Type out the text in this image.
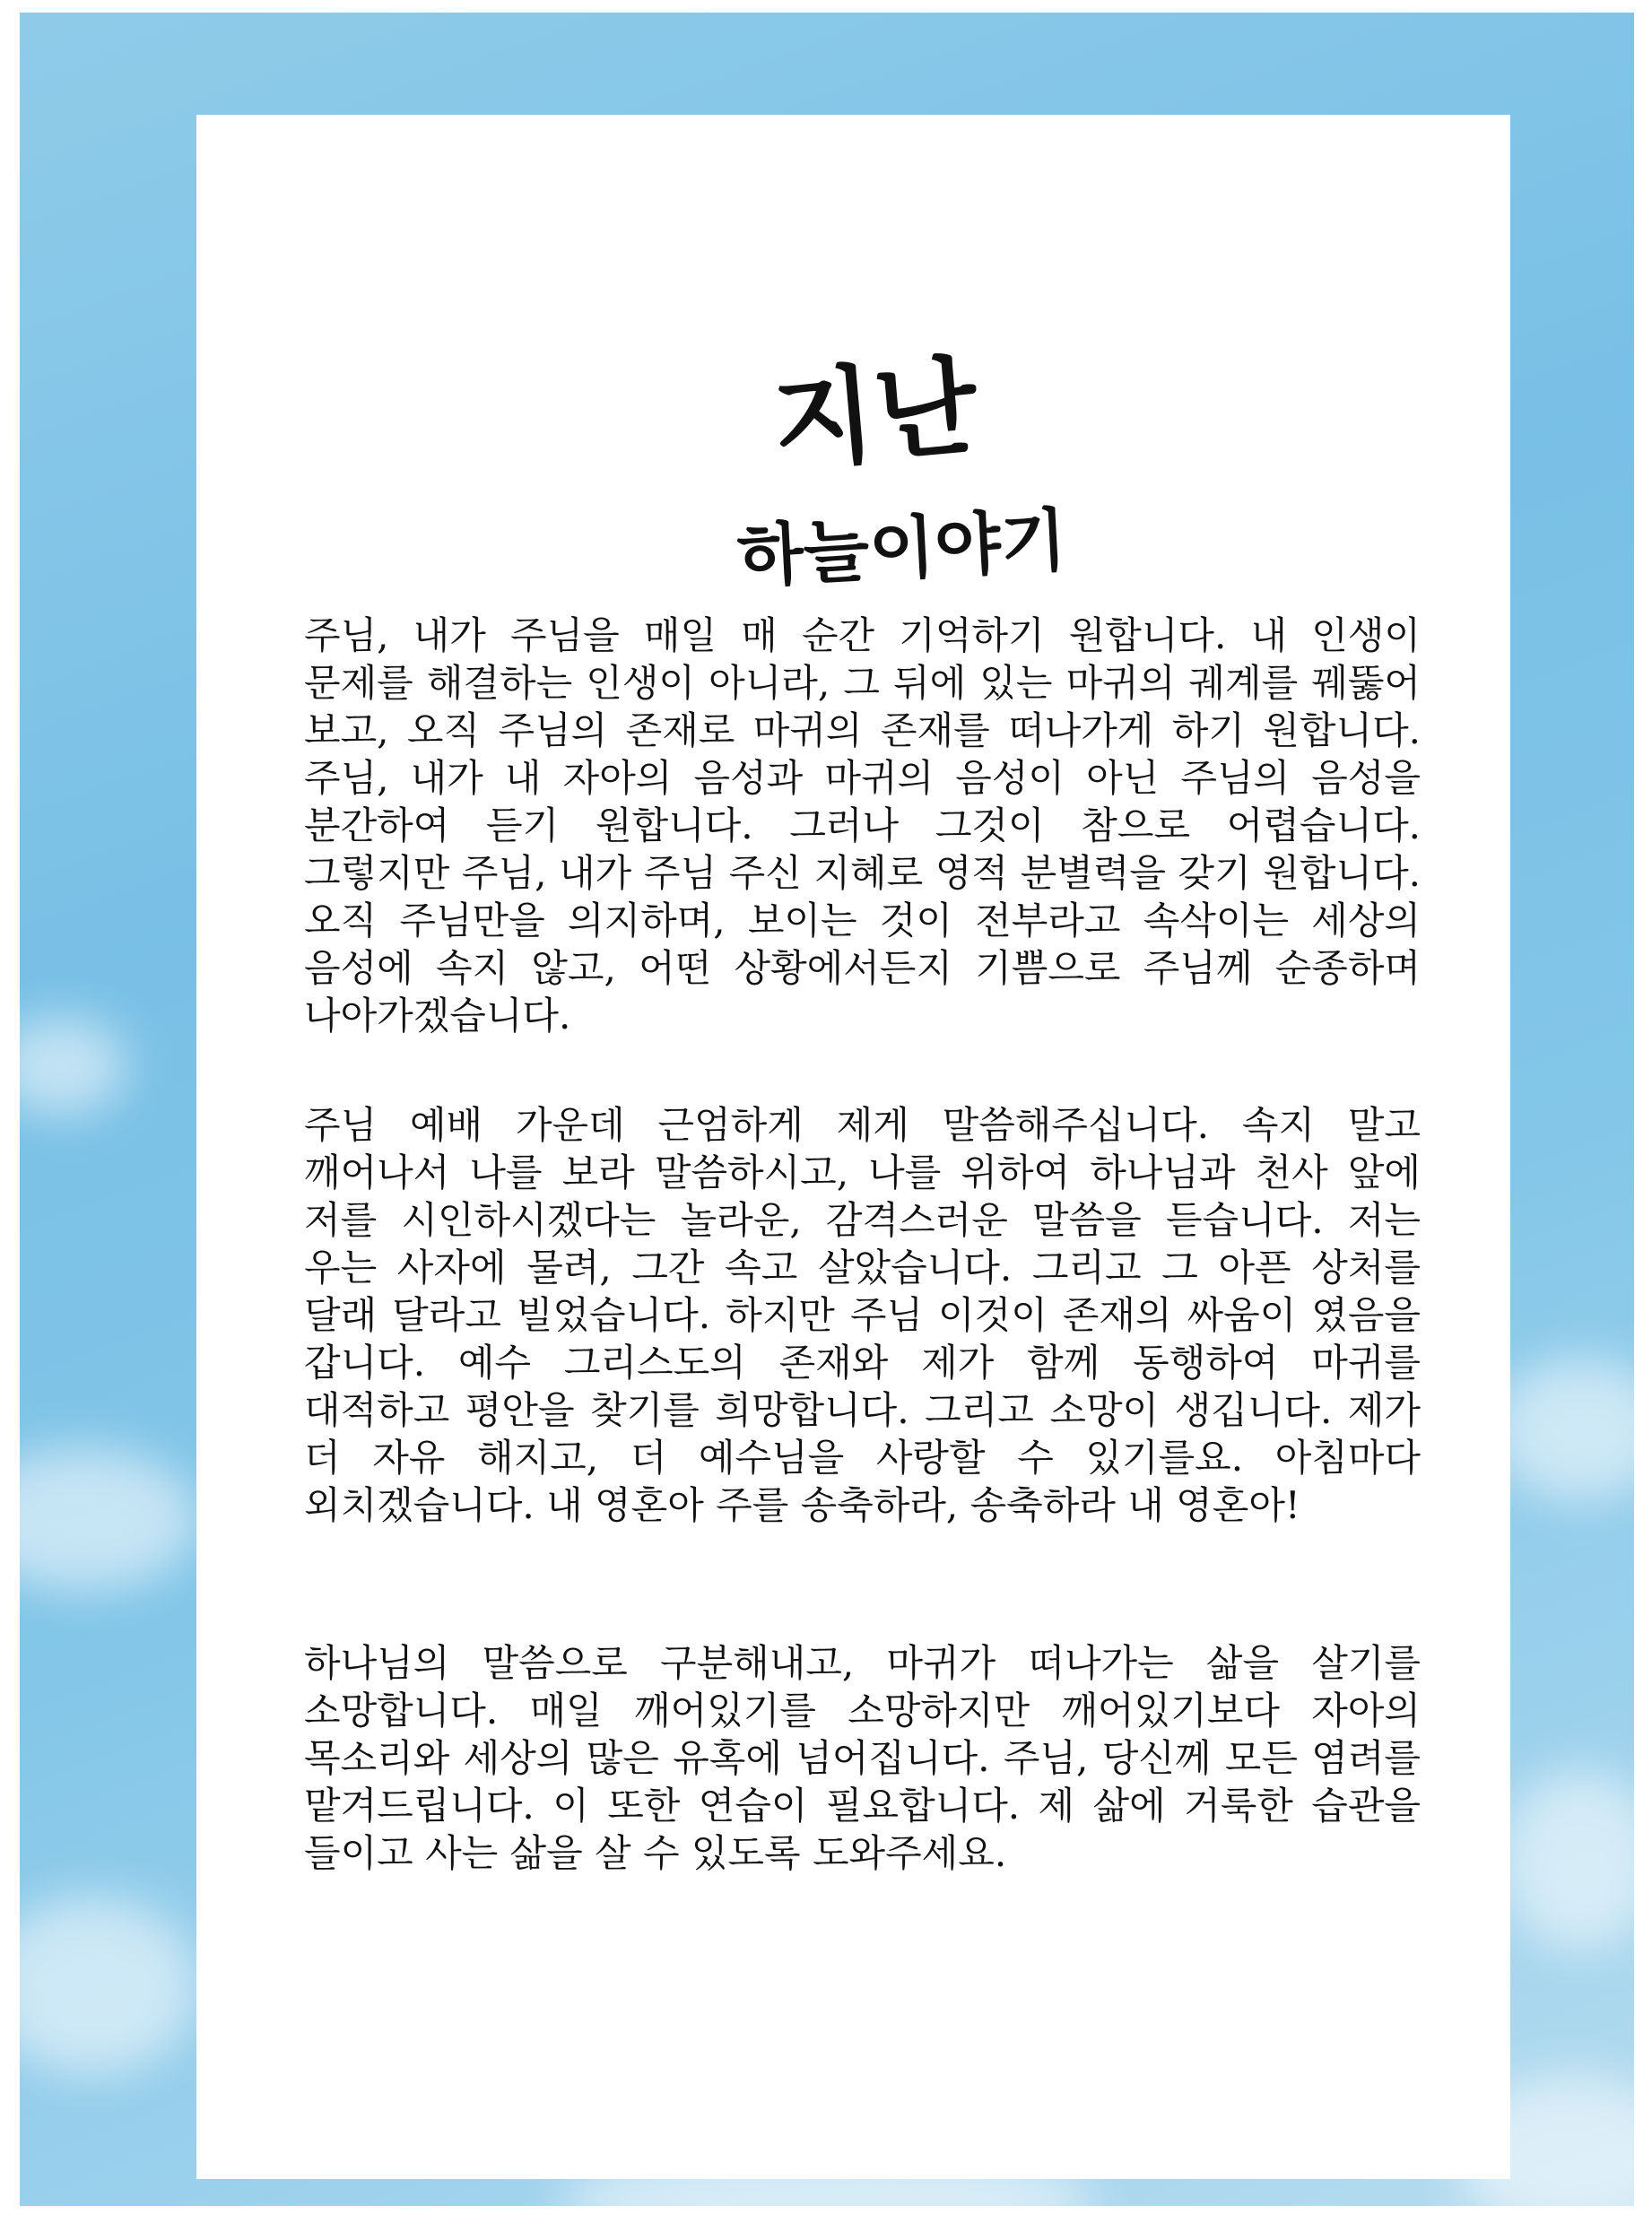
지난
하늘이야기

주님, 내가 주님을 매일 매 순간 기억하기 원합니다. 내 인생이 문제를 해결하는 인생이 아니라, 그 뒤에 있는 마귀의 궤계를 꿰뚫어 보고, 오직 주님의 존재로 마귀의 존재를 떠나가게 하기 원합니다. 주님, 내가 내 자아의 음성과 마귀의 음성이 아닌 주님의 음성을 분간하여 듣기 원합니다. 그러나 그것이 참으로 어렵습니다. 그렇지만 주님, 내가 주님 주신 지혜로 영적 분별력을 갖기 원합니다. 오직 주님만을 의지하며, 보이는 것이 전부라고 속삭이는 세상의 음성에 속지 않고, 어떤 상황에서든지 기쁨으로 주님께 순종하며 나아가겠습니다.

주님 예배 가운데 근엄하게 제게 말씀해주십니다. 속지 말고 깨어나서 나를 보라 말씀하시고, 나를 위하여 하나님과 천사 앞에 저를 시인하시겠다는 놀라운, 감격스러운 말씀을 듣습니다. 저는 우는 사자에 물려, 그간 속고 살았습니다. 그리고 그 아픈 상처를 달래 달라고 빌었습니다. 하지만 주님 이것이 존재의 싸움이 였음을 갑니다. 예수 그리스도의 존재와 제가 함께 동행하여 마귀를 대적하고 평안을 찾기를 희망합니다. 그리고 소망이 생깁니다. 제가 더 자유 해지고, 더 예수님을 사랑할 수 있기를요. 아침마다 외치겠습니다. 내 영혼아 주를 송축하라, 송축하라 내 영혼아!

하나님의 말씀으로 구분해내고, 마귀가 떠나가는 삶을 살기를 소망합니다. 매일 깨어있기를 소망하지만 깨어있기보다 자아의 목소리와 세상의 많은 유혹에 넘어집니다. 주님, 당신께 모든 염려를 맡겨드립니다. 이 또한 연습이 필요합니다. 제 삶에 거룩한 습관을 들이고 사는 삶을 살 수 있도록 도와주세요.
